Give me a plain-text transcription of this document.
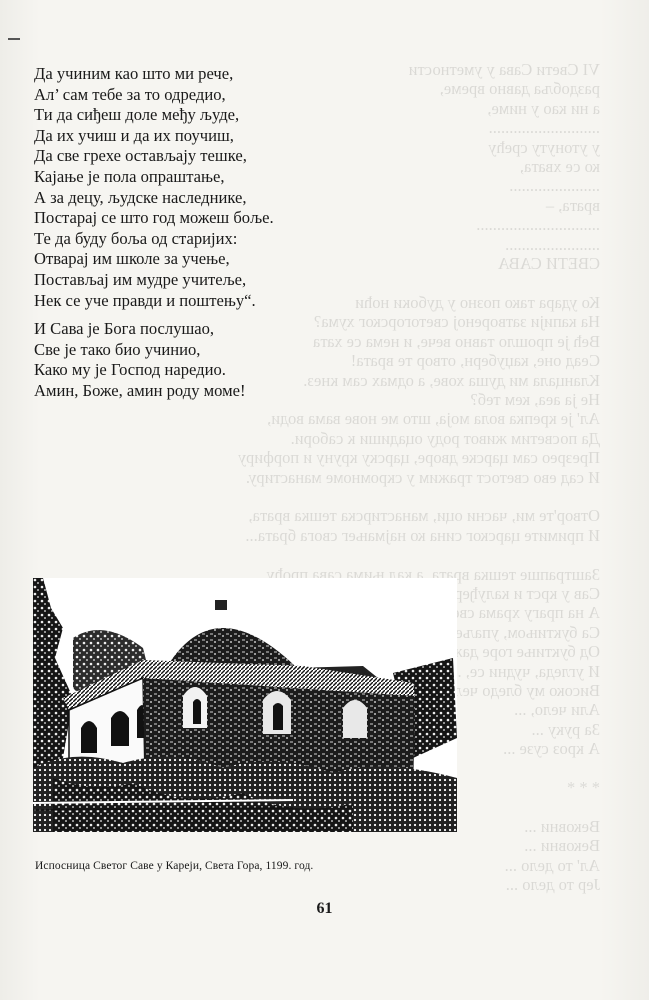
VI Свети Сава у уметности
раздобља давно време,
а ни као у ниме,
...........................
у утонуту срећу
ко се хвата,
......................
врата, –
..............................
.......................
СВЕТИ САВА

Ко удара тако позно у дубоки ноћи
На капији затвореној светогорског хума?
Већ је прошло тавно вече, и нема се хата
Сеад оне, каџуберн, отвор те вратa!
Кланцала ми душа хове, а одмах сам кнез.
Не ја аеа, кем теб?
Ал' је крепка вола моја, што ме нове вама води,
Да посветим живот роду оцадиши к сабори.
Презрео сам царске дворе, царску круну и порфиру
И сад ево светост тражим у скромноме манастиру.

Отвор'те ми, часни оци, манастирска тешка врата,
И примите царског сина ко најмањег свога брата...

Заштрапше тешка врата, а кад њима сава прођу
Сав у крст и калуђере
А на прагу храма
Са буктињом, упаљеном,
Од буктиње горе даже,
И угледа, чудни се,
Високо му бледо чело,
Али чело, ...
За руку ...
А кроз сузе ...

* * *

Вековни ...
Вековни ...
Ал' то дело ...
Јер то дело ...

Да учиним као што ми рече,
Ал’ сам тебе за то одредио,
Ти да сиђеш доле међу људе,
Да их учиш и да их поучиш,
Да све грехе остављају тешке,
Кајање је пола опраштање,
А за децу, људске наследнике,
Постарај се што год можеш боље.
Те да буду боља од старијих:
Отварај им школе за учење,
Постављај им мудре учитеље,
Нек се уче правди и поштењу“.

И Сава је Бога послушао,
Све је тако био учинио,
Како му је Господ наредио.
Амин, Боже, амин роду моме!

Испосница Светог Саве у Кареји, Света Гора, 1199. год.
61
